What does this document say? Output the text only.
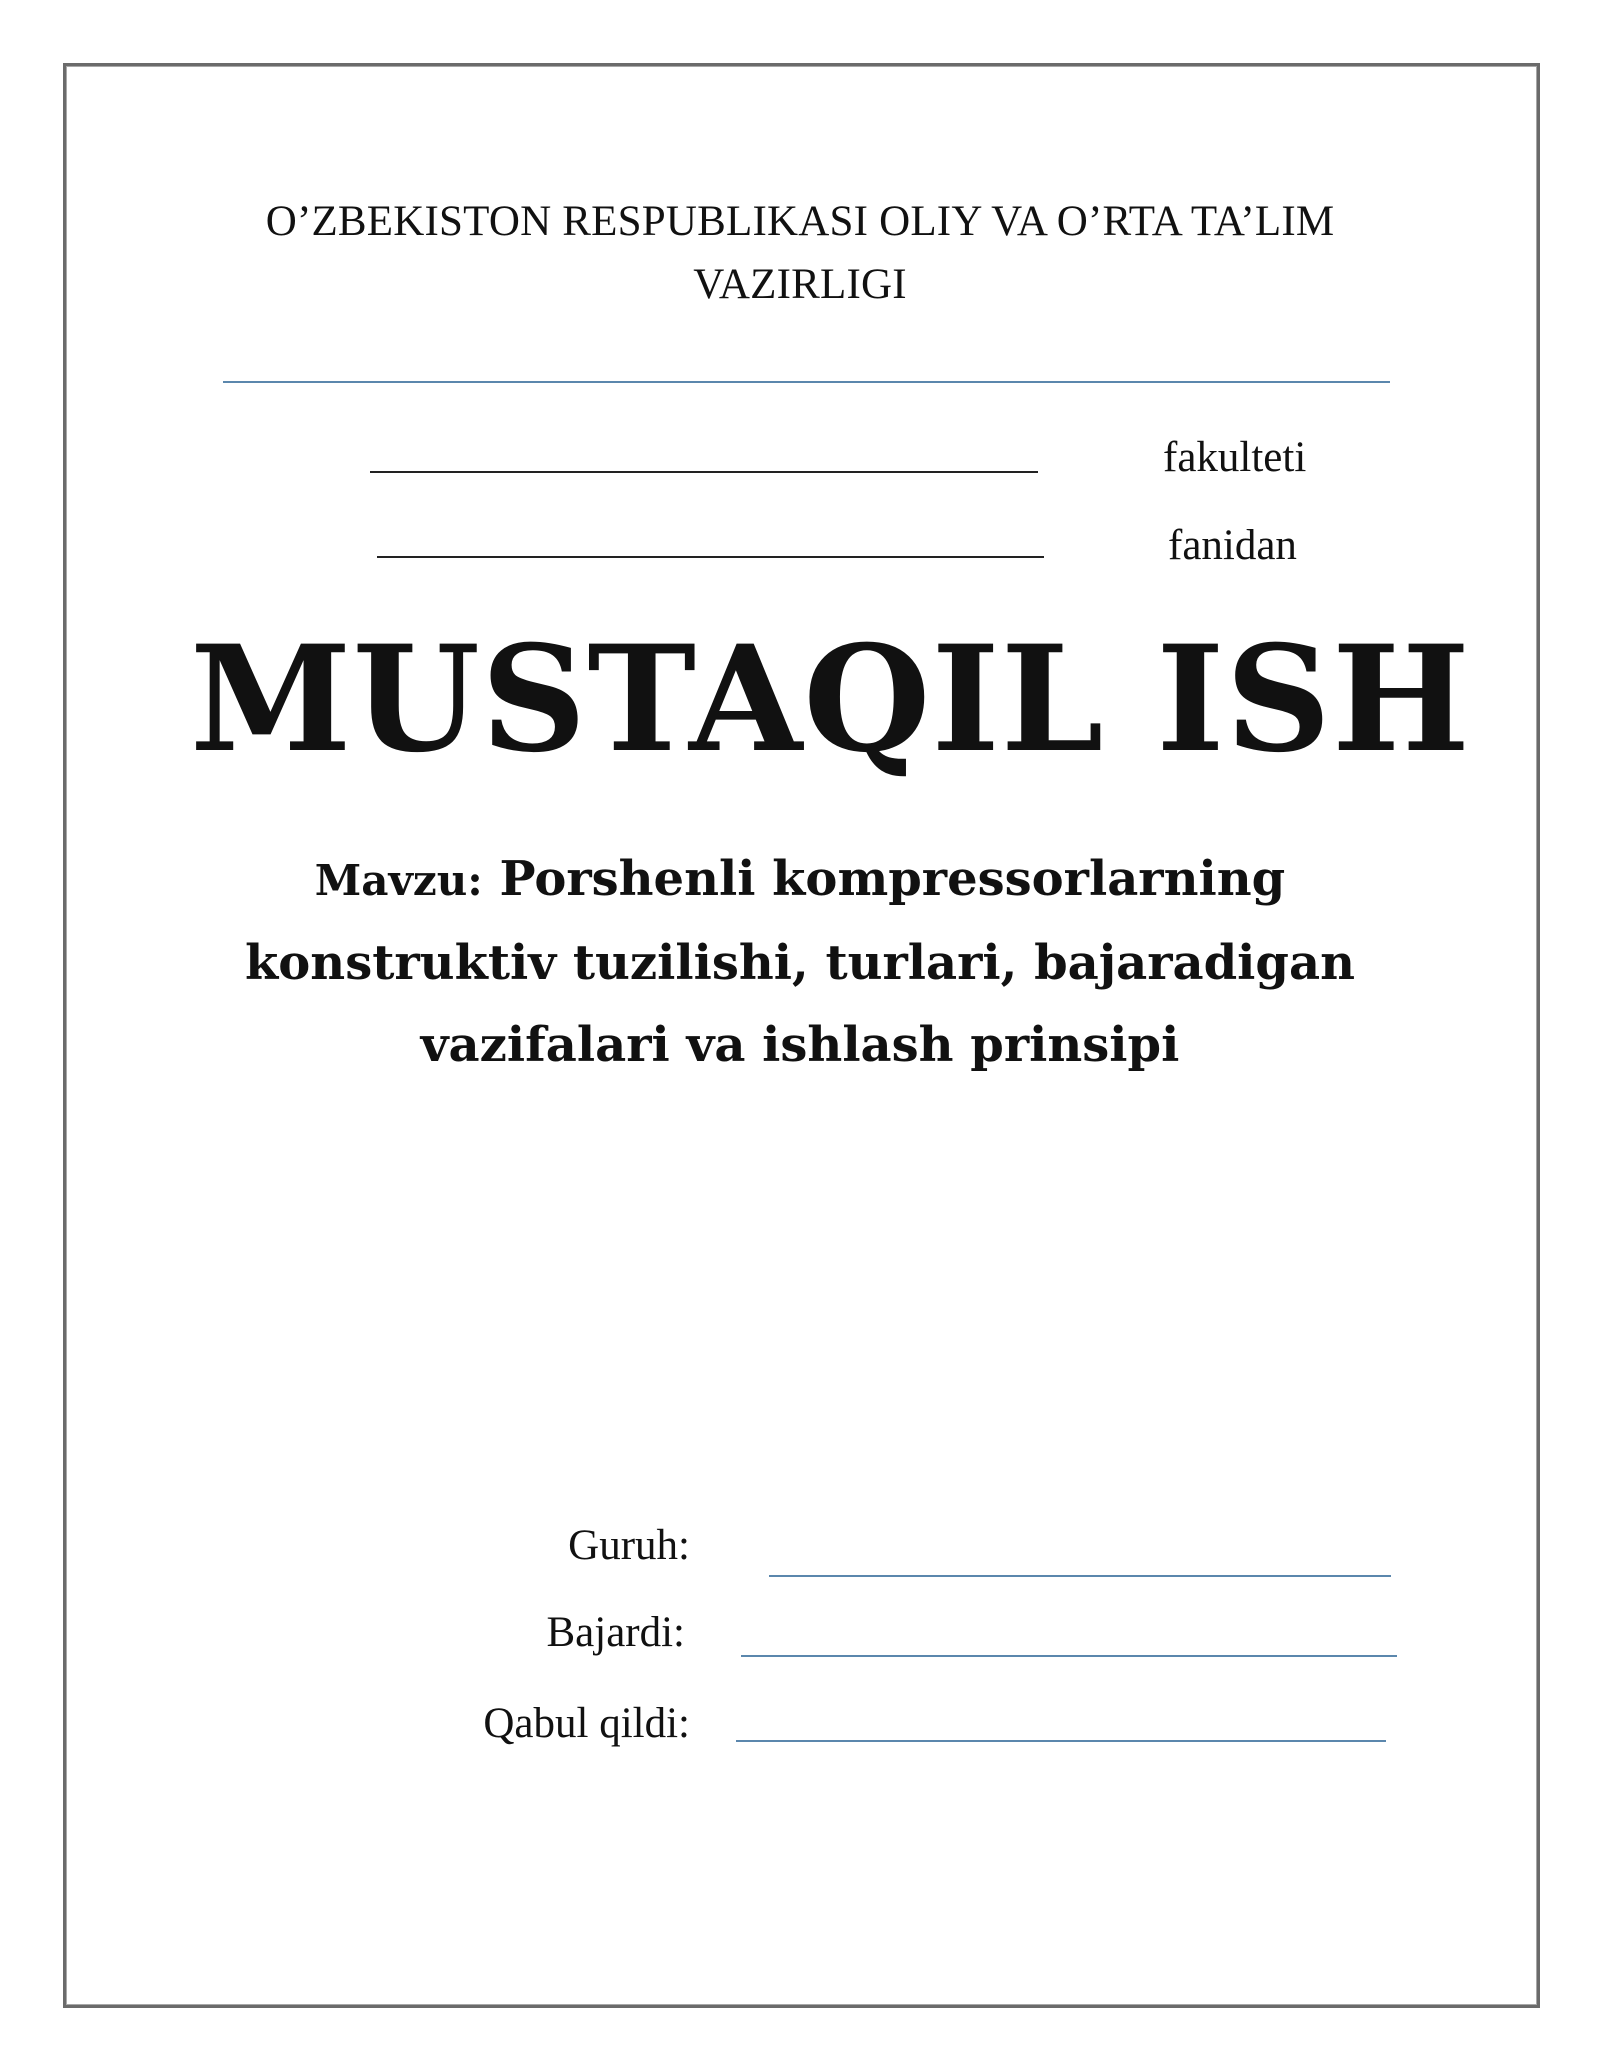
O’ZBEKISTON RESPUBLIKASI OLIY VA O’RTA TA’LIM
VAZIRLIGI
fakulteti
fanidan
MUSTAQIL ISH
Mavzu: Porshenli kompressorlarning konstruktiv tuzilishi, turlari, bajaradigan vazifalari va ishlash prinsipi
Guruh:
Bajardi:
Qabul qildi:
